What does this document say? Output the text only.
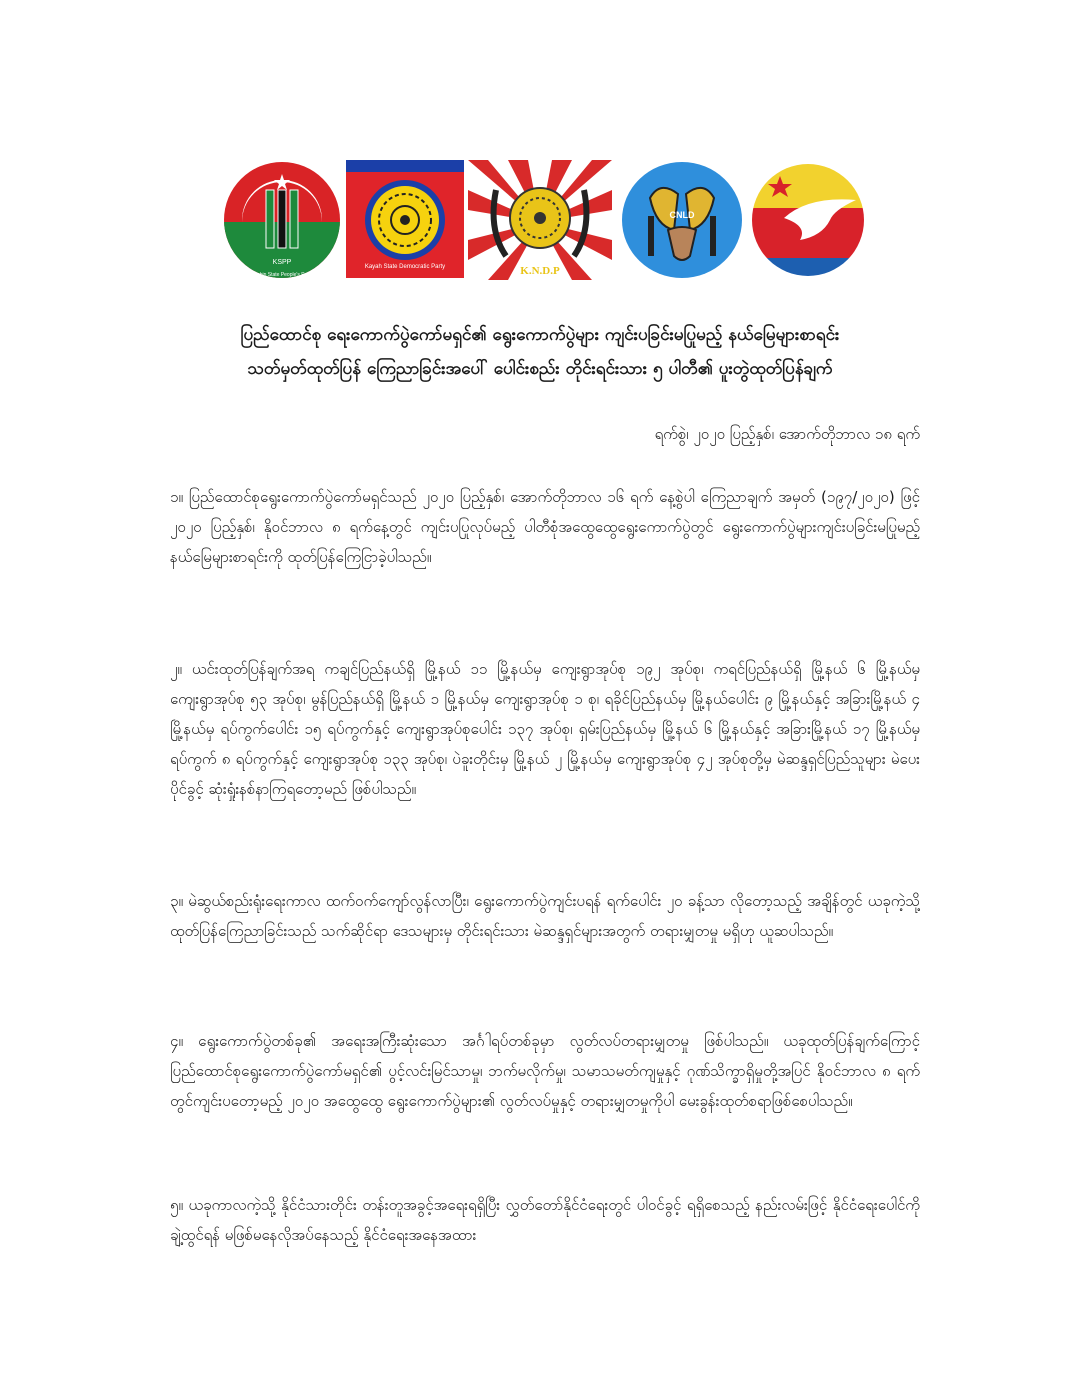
KSPP
Kachin State People's Party
Kayah State Democratic Party	K.N.D.P
CNLD
ပြည်ထောင်စု ရေးကောက်ပွဲကော်မရှင်၏ ရွေးကောက်ပွဲများ ကျင်းပခြင်းမပြုမည့် နယ်မြေများစာရင်း
သတ်မှတ်ထုတ်ပြန် ကြေညာခြင်းအပေါ် ပေါင်းစည်း တိုင်းရင်းသား ၅ ပါတီ၏ ပူးတွဲထုတ်ပြန်ချက်
ရက်စွဲ၊ ၂၀၂၀ ပြည့်နှစ်၊ အောက်တိုဘာလ ၁၈ ရက်

၁။ ပြည်ထောင်စုရွေးကောက်ပွဲကော်မရှင်သည် ၂၀၂၀ ပြည့်နှစ်၊ အောက်တိုဘာလ ၁၆ ရက် နေ့စွဲပါ ကြေညာချက် အမှတ် (၁၉၇/၂၀၂၀) ဖြင့် ၂၀၂၀ ပြည့်နှစ်၊ နိုဝင်ဘာလ ၈ ရက်နေ့တွင် ကျင်းပပြုလုပ်မည့် ပါတီစုံအထွေထွေရွေးကောက်ပွဲတွင် ရွေးကောက်ပွဲများကျင်းပခြင်းမပြုမည့် နယ်မြေများစာရင်းကို ထုတ်ပြန်ကြေငြာခဲ့ပါသည်။

၂။ ယင်းထုတ်ပြန်ချက်အရ ကချင်ပြည်နယ်ရှိ မြို့နယ် ၁၁ မြို့နယ်မှ ကျေးရွာအုပ်စု ၁၉၂ အုပ်စု၊ ကရင်ပြည်နယ်ရှိ မြို့နယ် ၆ မြို့နယ်မှ ကျေးရွာအုပ်စု ၅၃ အုပ်စု၊ မွန်ပြည်နယ်ရှိ မြို့နယ် ၁ မြို့နယ်မှ ကျေးရွာအုပ်စု ၁ စု၊ ရခိုင်ပြည်နယ်မှ မြို့နယ်ပေါင်း ၉ မြို့နယ်နှင့် အခြားမြို့နယ် ၄ မြို့နယ်မှ ရပ်ကွက်ပေါင်း ၁၅ ရပ်ကွက်နှင့် ကျေးရွာအုပ်စုပေါင်း ၁၃၇ အုပ်စု၊ ရှမ်းပြည်နယ်မှ မြို့နယ် ၆ မြို့နယ်နှင့် အခြားမြို့နယ် ၁၇ မြို့နယ်မှ ရပ်ကွက် ၈ ရပ်ကွက်နှင့် ကျေးရွာအုပ်စု ၁၃၃ အုပ်စု၊ ပဲခူးတိုင်းမှ မြို့နယ် ၂ မြို့နယ်မှ ကျေးရွာအုပ်စု ၄၂ အုပ်စုတို့မှ မဲဆန္ဒရှင်ပြည်သူများ မဲပေးပိုင်ခွင့် ဆုံးရှုံးနစ်နာကြရတော့မည် ဖြစ်ပါသည်။

၃။ မဲဆွယ်စည်းရုံးရေးကာလ ထက်ဝက်ကျော်လွန်လာပြီး၊ ရွေးကောက်ပွဲကျင်းပရန် ရက်ပေါင်း ၂၀ ခန့်သာ လိုတော့သည့် အချိန်တွင် ယခုကဲ့သို့ ထုတ်ပြန်ကြေညာခြင်းသည် သက်ဆိုင်ရာ ဒေသများမှ တိုင်းရင်းသား မဲဆန္ဒရှင်များအတွက် တရားမျှတမှု မရှိဟု ယူဆပါသည်။

၄။ ရွေးကောက်ပွဲတစ်ခု၏ အရေးအကြီးဆုံးသော အင်္ဂါရပ်တစ်ခုမှာ လွတ်လပ်တရားမျှတမှု ဖြစ်ပါသည်။ ယခုထုတ်ပြန်ချက်ကြောင့် ပြည်ထောင်စုရွေးကောက်ပွဲကော်မရှင်၏ ပွင့်လင်းမြင်သာမှု၊ ဘက်မလိုက်မှု၊ သမာသမတ်ကျမှုနှင့် ဂုဏ်သိက္ခာရှိမှုတို့အပြင် နိုဝင်ဘာလ ၈ ရက်တွင်ကျင်းပတော့မည့် ၂၀၂၀ အထွေထွေ ရွေးကောက်ပွဲများ၏ လွတ်လပ်မှုနှင့် တရားမျှတမှုကိုပါ မေးခွန်းထုတ်စရာဖြစ်စေပါသည်။

၅။ ယခုကာလကဲ့သို့ နိုင်ငံသားတိုင်း တန်းတူအခွင့်အရေးရရှိပြီး လွှတ်တော်နိုင်ငံရေးတွင် ပါဝင်ခွင့် ရရှိစေသည့် နည်းလမ်းဖြင့် နိုင်ငံရေးပေါင်ကို ချဲ့ထွင်ရန် မဖြစ်မနေလိုအပ်နေသည့် နိုင်ငံရေးအနေအထား
